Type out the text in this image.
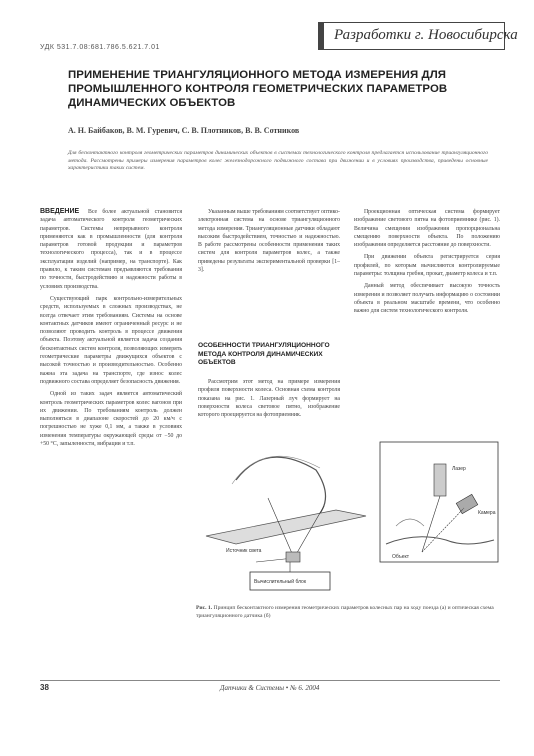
УДК 531.7.08:681.786.5.621.7.01
Разработки г. Новосибирска
ПРИМЕНЕНИЕ ТРИАНГУЛЯЦИОННОГО МЕТОДА ИЗМЕРЕНИЯ ДЛЯ ПРОМЫШЛЕННОГО КОНТРОЛЯ ГЕОМЕТРИЧЕСКИХ ПАРАМЕТРОВ ДИНАМИЧЕСКИХ ОБЪЕКТОВ
А. Н. Байбаков, В. М. Гуревич, С. В. Плотников, В. В. Сотников
Для бесконтактного контроля геометрических параметров динамических объектов в системах технологического контроля предлагается использование триангуляционного метода. Рассмотрены примеры измерения параметров колес железнодорожного подвижного состава при движении и в условиях производства, приведены основные характеристики таких систем.

Все более актуальной становится задача автоматического контроля геометрических параметров. Системы непрерывного контроля применяются как в промышленности (для контроля параметров готовой продукции и параметров технологического процесса), так и в процессе эксплуатации изделий (например, на транспорте). Как правило, к таким системам предъявляются требования по точности, быстродействию и надежности работы в условиях производства.

Существующий парк контрольно-измерительных средств, используемых в сложных производствах, не всегда отвечает этим требованиям. Системы на основе контактных датчиков имеют ограниченный ресурс и не позволяют проводить контроль в процессе движения объекта. Поэтому актуальной является задача создания бесконтактных систем контроля, позволяющих измерять геометрические параметры движущихся объектов с высокой точностью и производительностью. Особенно важна эта задача на транспорте, где износ колес подвижного состава определяет безопасность движения.

Одной из таких задач является автоматический контроль геометрических параметров колес вагонов при их движении. По требованиям контроль должен выполняться в диапазоне скоростей до 20 км/ч с погрешностью не хуже 0,1 мм, а также в условиях изменения температуры окружающей среды от −50 до +50 °С, запыленности, вибрации и т.п.

ВВЕДЕНИЕ	Указанным выше требованиям соответствует оптико-электронная система на основе триангуляционного метода измерения. Триангуляционные датчики обладают высоким быстродействием, точностью и надежностью. В работе рассмотрены особенности применения таких систем для контроля параметров колес, а также приведены результаты экспериментальной проверки [1–3].

ОСОБЕННОСТИ ТРИАНГУЛЯЦИОННОГО МЕТОДА КОНТРОЛЯ ДИНАМИЧЕСКИХ ОБЪЕКТОВ

Рассмотрим этот метод на примере измерения профиля поверхности колеса. Основная схема контроля показана на рис. 1. Лазерный луч формирует на поверхности колеса световое пятно, изображение которого проецируется на фотоприемник.

Проекционная оптическая система формирует изображение светового пятна на фотоприемнике (рис. 1). Величина смещения изображения пропорциональна смещению поверхности объекта. По положению изображения определяется расстояние до поверхности.

При движении объекта регистрируется серия профилей, по которым вычисляются контролируемые параметры: толщина гребня, прокат, диаметр колеса и т.п.

Данный метод обеспечивает высокую точность измерения и позволяет получать информацию о состоянии объекта в реальном масштабе времени, что особенно важно для систем технологического контроля.

Лазер
Камера
Источник света
Вычислительный блок
Объект
Рис. 1. Принцип бесконтактного измерения геометрических параметров колесных пар на ходу поезда (а) и оптическая схема триангуляционного датчика (б)
38	Датчики & Системы • № 6. 2004
